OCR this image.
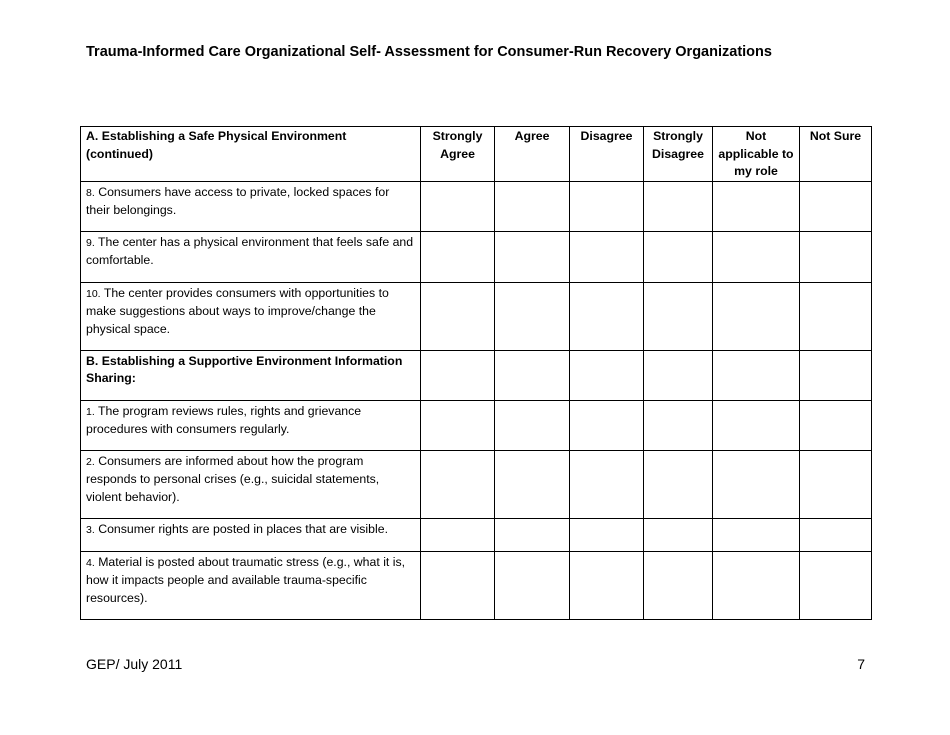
Trauma-Informed Care Organizational Self- Assessment for Consumer-Run Recovery Organizations
A. Establishing a Safe Physical Environment (continued)	Strongly Agree	Agree	Disagree	Strongly Disagree	Not applicable to my role	Not Sure
8. Consumers have access to private, locked spaces for their belongings.						
9. The center has a physical environment that feels safe and comfortable.						
10. The center provides consumers with opportunities to make suggestions about ways to improve/change the physical space.						
B. Establishing a Supportive Environment Information Sharing:						
1. The program reviews rules, rights and grievance procedures with consumers regularly.						
2. Consumers are informed about how the program responds to personal crises (e.g., suicidal statements, violent behavior).						
3. Consumer rights are posted in places that are visible.						
4. Material is posted about traumatic stress (e.g., what it is, how it impacts people and available trauma-specific resources).						
GEP/ July 2011	7
